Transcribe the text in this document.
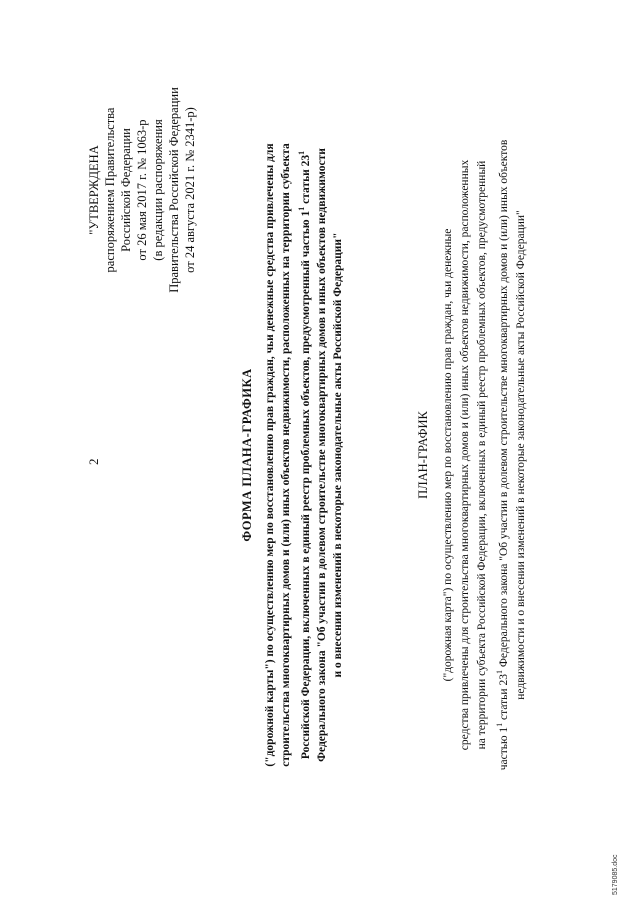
2
"УТВЕРЖДЕНА распоряжением Правительства Российской Федерации от 26 мая 2017 г. № 1063-р (в редакции распоряжения Правительства Российской Федерации от 24 августа 2021 г. № 2341-р)
ФОРМА ПЛАНА-ГРАФИКА ("дорожной карты") по осуществлению мер по восстановлению прав граждан, чьи денежные средства привлечены для строительства многоквартирных домов и (или) иных объектов недвижимости, расположенных на территории субъекта Российской Федерации, включенных в единый реестр проблемных объектов, предусмотренный частью $1^1$ статьи $23^1$ Федерального закона "Об участии в долевом строительстве многоквартирных домов и иных объектов недвижимости и о внесении изменений в некоторые законодательные акты Российской Федерации"	ПЛАН-ГРАФИК ("дорожная карта") по осуществлению мер по восстановлению прав граждан, чьи денежные средства привлечены для строительства многоквартирных домов и (или) иных объектов недвижимости, расположенных на территории субъекта Российской Федерации, включенных в единый реестр проблемных объектов, предусмотренный частью $1^1$ статьи $23^1$ Федерального закона "Об участии в долевом строительстве многоквартирных домов и (или) иных объектов недвижимости и о внесении изменений в некоторые законодательные акты Российской Федерации"
5179085.doc
